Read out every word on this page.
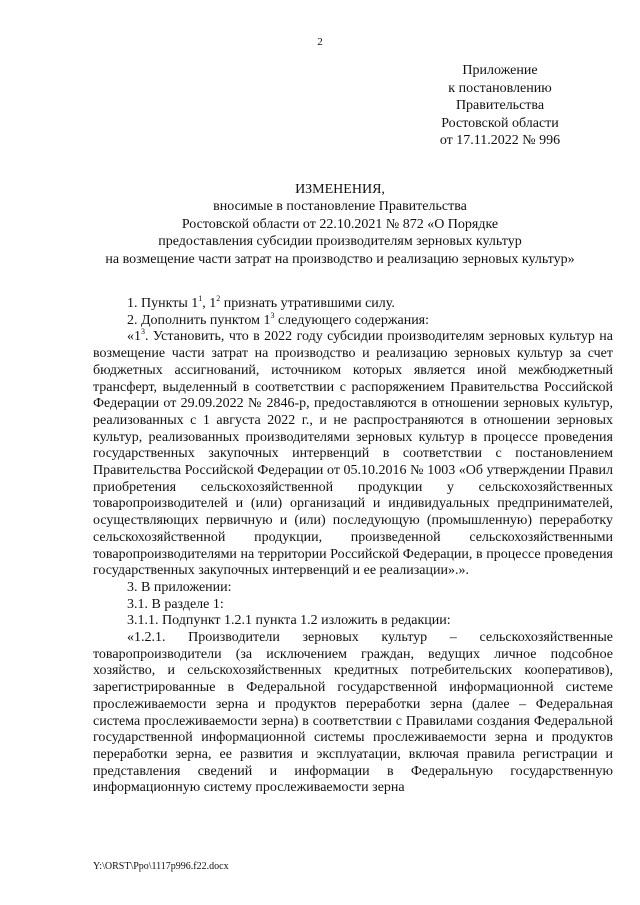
2
Приложение
к постановлению
Правительства
Ростовской области
от 17.11.2022 № 996
ИЗМЕНЕНИЯ,
вносимые в постановление Правительства
Ростовской области от 22.10.2021 № 872 «О Порядке
предоставления субсидии производителям зерновых культур
на возмещение части затрат на производство и реализацию зерновых культур»

1. Пункты $1^1$, $1^2$ признать утратившими силу.

2. Дополнить пунктом $1^3$ следующего содержания:

«$1^3$. Установить, что в 2022 году субсидии производителям зерновых культур на возмещение части затрат на производство и реализацию зерновых культур за счет бюджетных ассигнований, источником которых является иной межбюджетный трансферт, выделенный в соответствии с распоряжением Правительства Российской Федерации от 29.09.2022 № 2846-р, предоставляются в отношении зерновых культур, реализованных с 1 августа 2022 г., и не распространяются в отношении зерновых культур, реализованных производителями зерновых культур в процессе проведения государственных закупочных интервенций в соответствии с постановлением Правительства Российской Федерации от 05.10.2016 № 1003 «Об утверждении Правил приобретения сельскохозяйственной продукции у сельскохозяйственных товаропроизводителей и (или) организаций и индивидуальных предпринимателей, осуществляющих первичную и (или) последующую (промышленную) переработку сельскохозяйственной продукции, произведенной сельскохозяйственными товаропроизводителями на территории Российской Федерации, в процессе проведения государственных закупочных интервенций и ее реализации».».

3. В приложении:

3.1. В разделе 1:

3.1.1. Подпункт 1.2.1 пункта 1.2 изложить в редакции:

«1.2.1. Производители зерновых культур – сельскохозяйственные товаропроизводители (за исключением граждан, ведущих личное подсобное хозяйство, и сельскохозяйственных кредитных потребительских кооперативов), зарегистрированные в Федеральной государственной информационной системе прослеживаемости зерна и продуктов переработки зерна (далее – Федеральная система прослеживаемости зерна) в соответствии с Правилами создания Федеральной государственной информационной системы прослеживаемости зерна и продуктов переработки зерна, ее развития и эксплуатации, включая правила регистрации и представления сведений и информации в Федеральную государственную информационную систему прослеживаемости зерна

Y:\ORST\Ppo\1117p996.f22.docx
